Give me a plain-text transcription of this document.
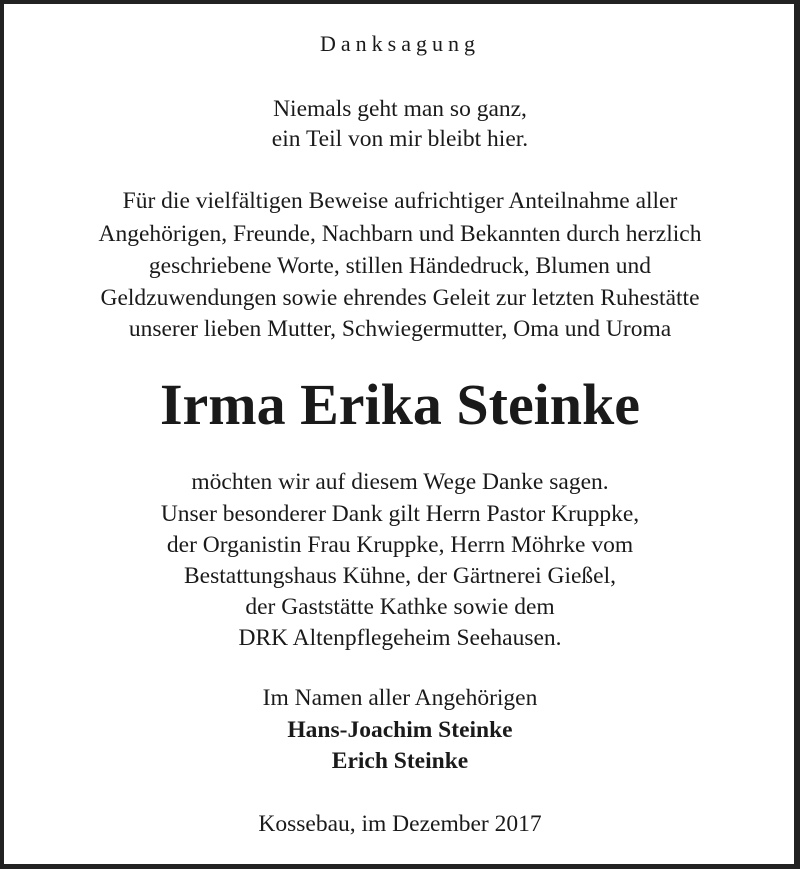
Danksagung
Niemals geht man so ganz,
ein Teil von mir bleibt hier.
Für die vielfältigen Beweise aufrichtiger Anteilnahme aller
Angehörigen, Freunde, Nachbarn und Bekannten durch herzlich
geschriebene Worte, stillen Händedruck, Blumen und
Geldzuwendungen sowie ehrendes Geleit zur letzten Ruhestätte
unserer lieben Mutter, Schwiegermutter, Oma und Uroma
Irma Erika Steinke
möchten wir auf diesem Wege Danke sagen.
Unser besonderer Dank gilt Herrn Pastor Kruppke,
der Organistin Frau Kruppke, Herrn Möhrke vom
Bestattungshaus Kühne, der Gärtnerei Gießel,
der Gaststätte Kathke sowie dem
DRK Altenpflegeheim Seehausen.
Im Namen aller Angehörigen
Hans-Joachim Steinke
Erich Steinke
Kossebau, im Dezember 2017
